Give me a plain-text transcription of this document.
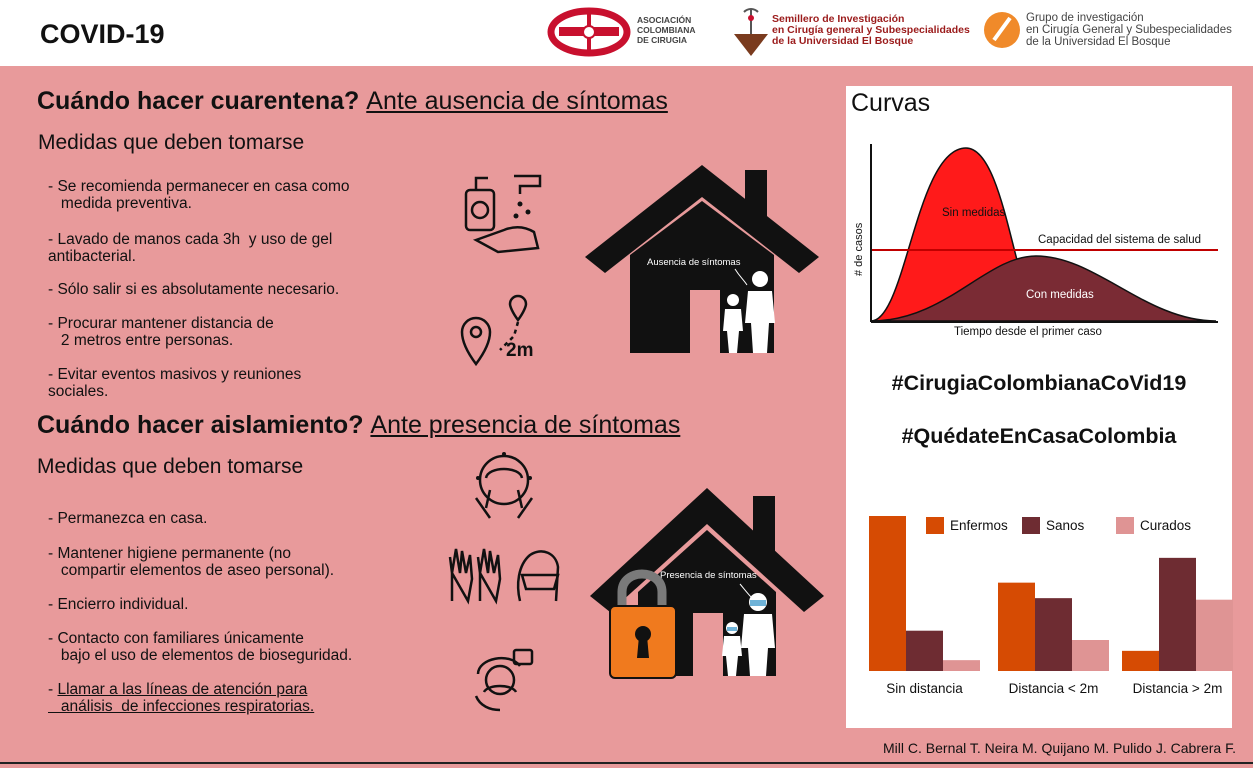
COVID-19	ASOCIACIÓN
COLOMBIANA
DE CIRUGIA
Semillero de Investigación
en Cirugía general y Subespecialidades
de la Universidad El Bosque
Grupo de investigación
en Cirugía General y Subespecialidades
de la Universidad El Bosque
Cuándo hacer cuarentena? Ante ausencia de síntomas
Medidas que deben tomarse
- Se recomienda permanecer en casa como
medida preventiva.
- Lavado de manos cada 3h  y uso de gel
antibacterial.
- Sólo salir si es absolutamente necesario.
- Procurar mantener distancia de
2 metros entre personas.
- Evitar eventos masivos y reuniones
sociales.
2m
Ausencia de síntomas
Cuándo hacer aislamiento? Ante presencia de síntomas
Medidas que deben tomarse
- Permanezca en casa.
- Mantener higiene permanente (no
compartir elementos de aseo personal).
- Encierro individual.
- Contacto con familiares únicamente
bajo el uso de elementos de bioseguridad.
- Llamar a las líneas de atención para
análisis  de infecciones respiratorias.
Presencia de síntomas
Curvas
Sin medidas
Con medidas
Capacidad del sistema de salud
Tiempo desde el primer caso
# de casos
#CirugiaColombianaCoVid19
#QuédateEnCasaColombia
Sin distancia	Distancia < 2m	Distancia > 2m
Enfermos	Sanos	Curados
Mill C. Bernal T. Neira M. Quijano M. Pulido J. Cabrera F.
